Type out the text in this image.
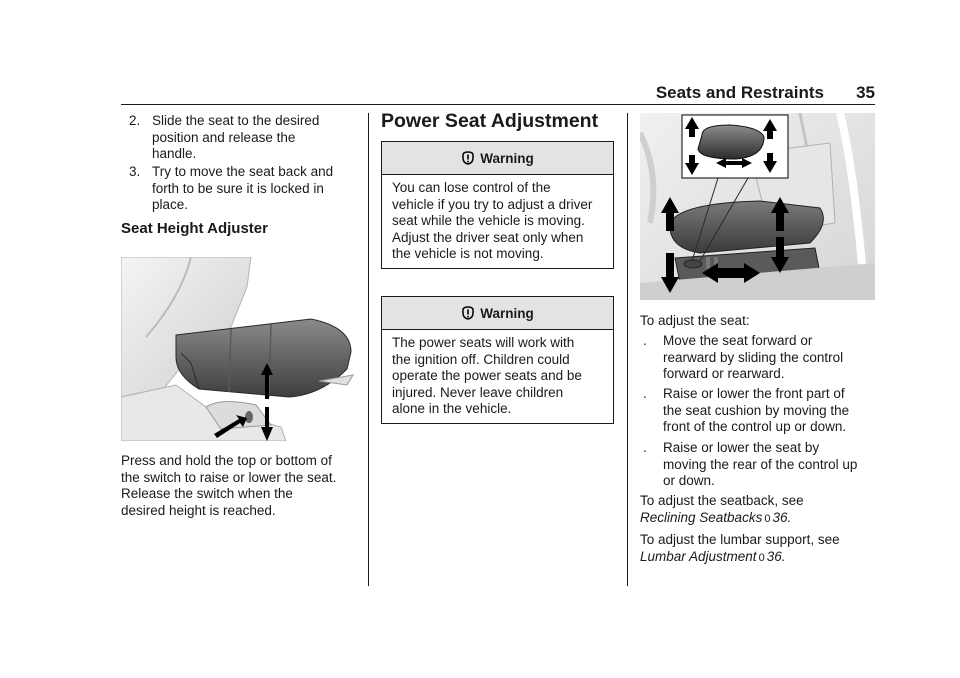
Seats and Restraints	35
2. Slide the seat to the desired
position and release the
handle.
3. Try to move the seat back and
forth to be sure it is locked in
place.
Seat Height Adjuster
Press and hold the top or bottom of
the switch to raise or lower the seat.
Release the switch when the
desired height is reached.
Power Seat Adjustment
Warning
You can lose control of the
vehicle if you try to adjust a driver
seat while the vehicle is moving.
Adjust the driver seat only when
the vehicle is not moving.
Warning
The power seats will work with
the ignition off. Children could
operate the power seats and be
injured. Never leave children
alone in the vehicle.
To adjust the seat:
. Move the seat forward or
rearward by sliding the control
forward or rearward.
. Raise or lower the front part of
the seat cushion by moving the
front of the control up or down.
. Raise or lower the seat by
moving the rear of the control up
or down.
To adjust the seatback, see
Reclining Seatbacks 0 36.
To adjust the lumbar support, see
Lumbar Adjustment 0 36.
